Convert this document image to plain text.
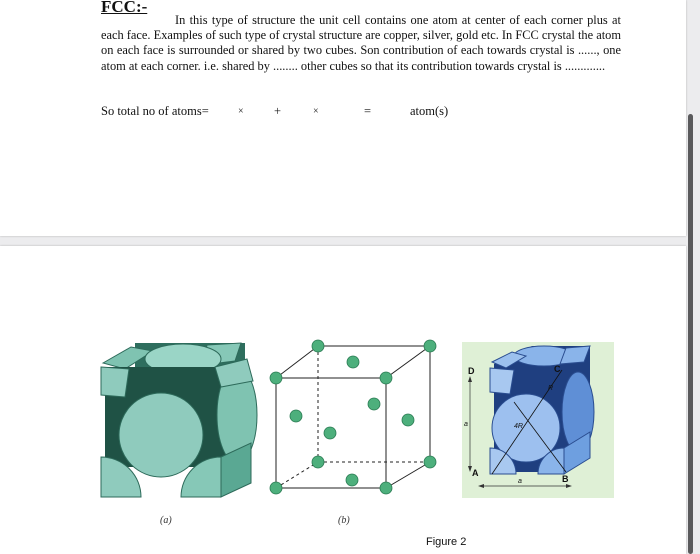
FCC:-
In this type of structure the unit cell contains one atom at center of each corner plus at each face. Examples of such type of crystal structure are copper, silver, gold etc. In FCC crystal the atom on each face is surrounded or shared by two cubes. Son contribution of each towards crystal is ......, one atom at each corner. i.e. shared by ........ other cubes so that its contribution towards crystal is .............
So total no of atoms=	× +	×	=	atom(s)
(a)	(b)
D	C
A
B
4R
R
a
a
Figure 2
